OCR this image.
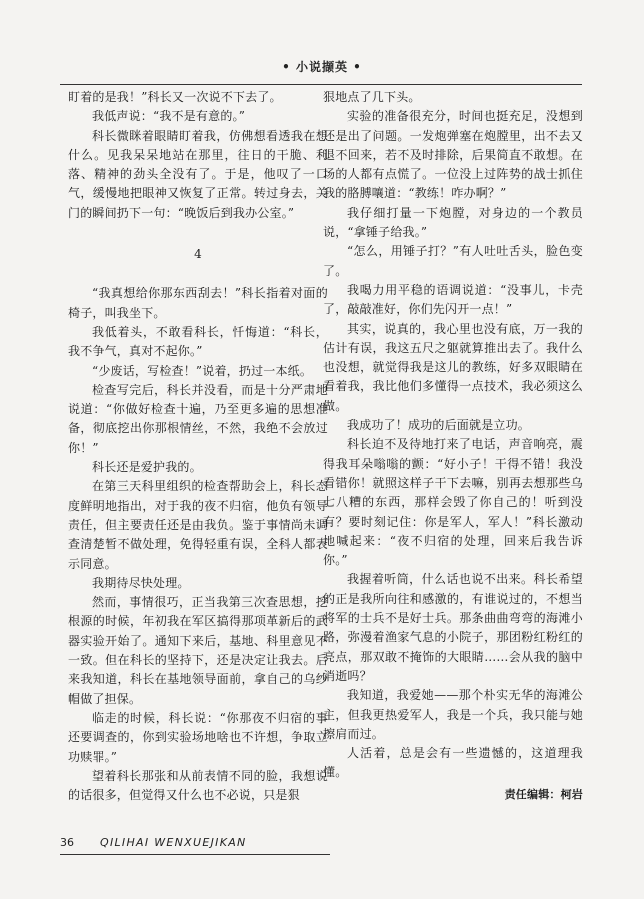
• 小说撷英 •

盯着的是我！”科长又一次说不下去了。

我低声说：“我不是有意的。”

科长微眯着眼睛盯着我，仿佛想看透我在想什么。见我呆呆地站在那里，往日的干脆、利落、精神的劲头全没有了。于是，他叹了一口气，缓慢地把眼神又恢复了正常。转过身去，关门的瞬间扔下一句：“晚饭后到我办公室。”

4

“我真想给你那东西刮去！”科长指着对面的椅子，叫我坐下。

我低着头，不敢看科长，忏悔道：“科长，我不争气，真对不起你。”

“少废话，写检查！”说着，扔过一本纸。

检查写完后，科长并没看，而是十分严肃地说道：“你做好检查十遍，乃至更多遍的思想准备，彻底挖出你那根情丝，不然，我绝不会放过你！”

科长还是爱护我的。

在第三天科里组织的检查帮助会上，科长态度鲜明地指出，对于我的夜不归宿，他负有领导责任，但主要责任还是由我负。鉴于事情尚未调查清楚暂不做处理，免得轻重有误，全科人都表示同意。

我期待尽快处理。

然而，事情很巧，正当我第三次查思想，挖根源的时候，年初我在军区搞得那项革新后的武器实验开始了。通知下来后，基地、科里意见不一致。但在科长的坚持下，还是决定让我去。后来我知道，科长在基地领导面前，拿自己的乌纱帽做了担保。

临走的时候，科长说：“你那夜不归宿的事还要调查的，你到实验场地啥也不许想，争取立功赎罪。”

望着科长那张和从前表情不同的脸，我想说的话很多，但觉得又什么也不必说，只是狠

狠地点了几下头。

实验的准备很充分，时间也挺充足，没想到还是出了问题。一发炮弹塞在炮膛里，出不去又退不回来，若不及时排除，后果简直不敢想。在场的人都有点慌了。一位没上过阵势的战士抓住我的胳膊嚷道：“教练！咋办啊？”

我仔细打量一下炮膛，对身边的一个教员说，“拿锤子给我。”

“怎么，用锤子打？”有人吐吐舌头，脸色变了。

我喝力用平稳的语调说道：“没事儿，卡壳了，敲敲准好，你们先闪开一点！”

其实，说真的，我心里也没有底，万一我的估计有误，我这五尺之躯就算推出去了。我什么也没想，就觉得我是这儿的教练，好多双眼睛在看着我，我比他们多懂得一点技术，我必须这么做。

我成功了！成功的后面就是立功。

科长迫不及待地打来了电话，声音响亮，震得我耳朵嗡嗡的颤：“好小子！干得不错！我没看错你！就照这样子干下去嘛，别再去想那些乌七八糟的东西，那样会毁了你自己的！听到没有？要时刻记住：你是军人，军人！”科长激动地喊起来：“夜不归宿的处理，回来后我告诉你。”

我握着听筒，什么话也说不出来。科长希望的正是我所向往和感激的，有谁说过的，不想当将军的士兵不是好士兵。那条曲曲弯弯的海滩小路，弥漫着渔家气息的小院子，那团粉红粉红的亮点，那双敢不掩饰的大眼睛……会从我的脑中消逝吗？

我知道，我爱她——那个朴实无华的海滩公主，但我更热爱军人，我是一个兵，我只能与她擦肩而过。

人活着，总是会有一些遗憾的，这道理我懂。

责任编辑：柯岩

36 QILIHAI WENXUEJIKAN
